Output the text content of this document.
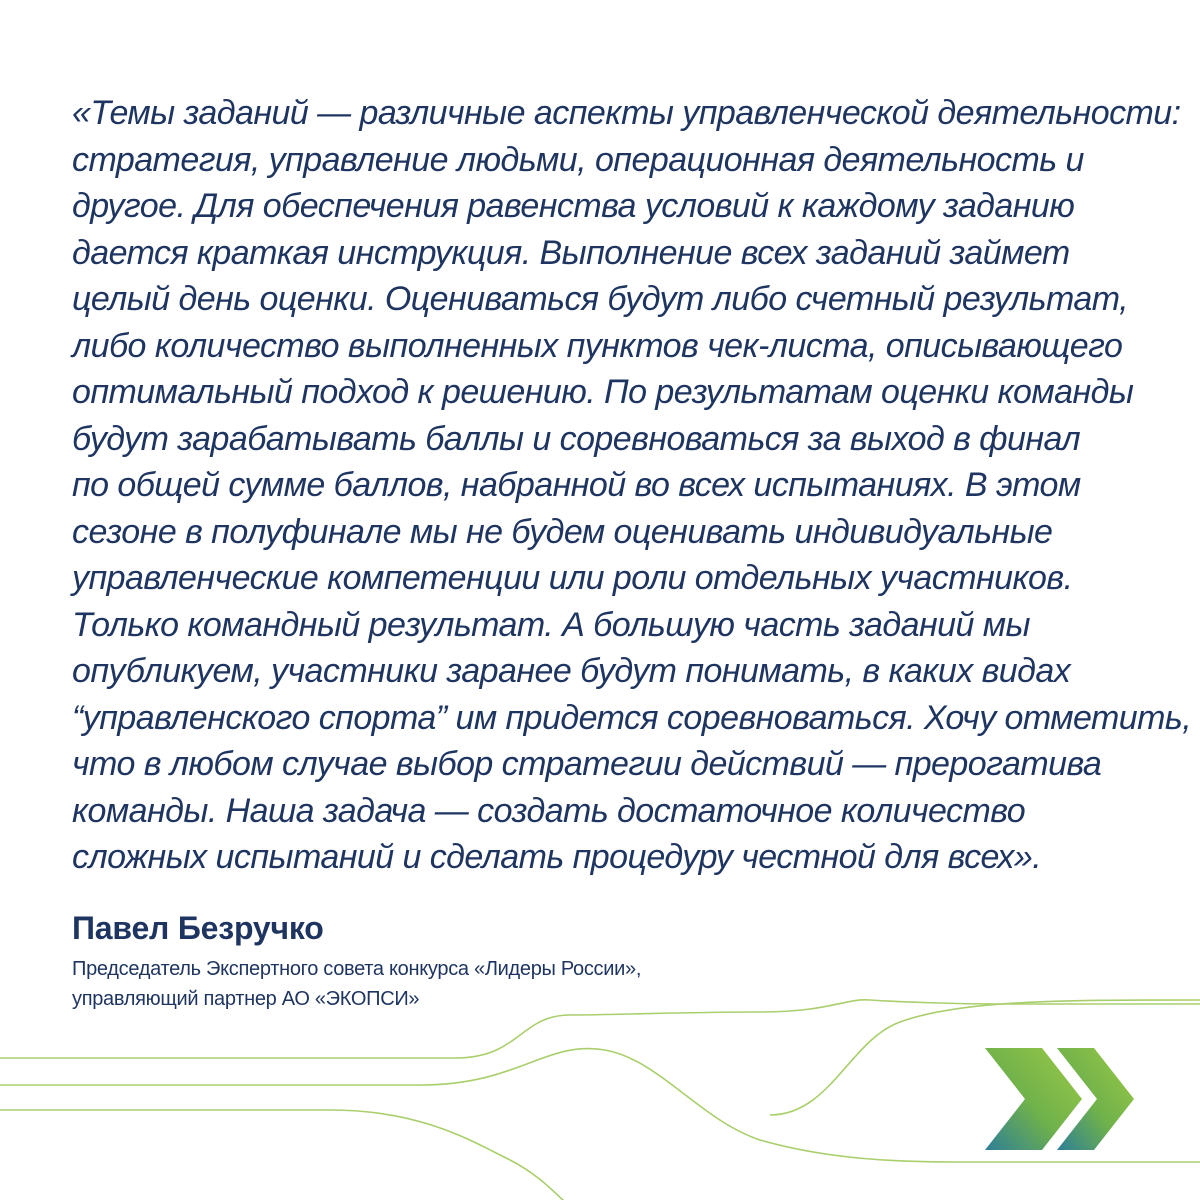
«Темы заданий — различные аспекты управленческой деятельности:
стратегия, управление людьми, операционная деятельность и
другое. Для обеспечения равенства условий к каждому заданию
дается краткая инструкция. Выполнение всех заданий займет
целый день оценки. Оцениваться будут либо счетный результат,
либо количество выполненных пунктов чек-листа, описывающего
оптимальный подход к решению. По результатам оценки команды
будут зарабатывать баллы и соревноваться за выход в финал
по общей сумме баллов, набранной во всех испытаниях. В этом
сезоне в полуфинале мы не будем оценивать индивидуальные
управленческие компетенции или роли отдельных участников.
Только командный результат. А большую часть заданий мы
опубликуем, участники заранее будут понимать, в каких видах
“управленского спорта” им придется соревноваться. Хочу отметить,
что в любом случае выбор стратегии действий — прерогатива
команды. Наша задача — создать достаточное количество
сложных испытаний и сделать процедуру честной для всех».
Павел Безручко
Председатель Экспертного совета конкурса «Лидеры России»,
управляющий партнер АО «ЭКОПСИ»
